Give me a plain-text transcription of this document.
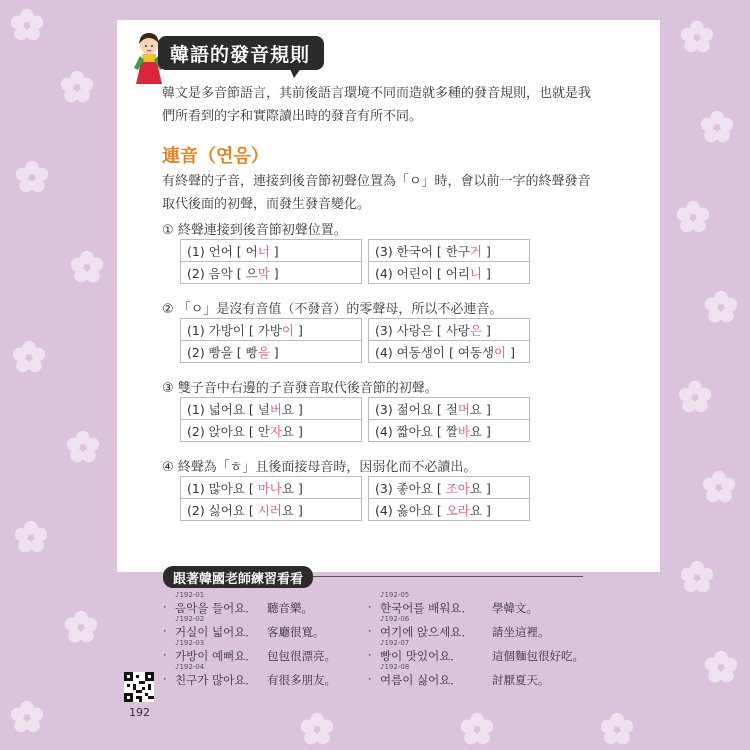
韓語的發音規則
韓文是多音節語言，其前後語言環境不同而造就多種的發音規則，也就是我們所看到的字和實際讀出時的發音有所不同。
連音（연음）
有終聲的子音，連接到後音節初聲位置為「ㅇ」時，會以前一字的終聲發音取代後面的初聲，而發生發音變化。
① 終聲連接到後音節初聲位置。
(1) 언어 [ 어너 ]		(3) 한국어 [ 한구거 ]
(2) 음악 [ 으막 ]		(4) 어린이 [ 어리니 ]
② 「ㅇ」是沒有音值（不發音）的零聲母，所以不必連音。
(1) 가방이 [ 가방이 ]		(3) 사랑은 [ 사랑은 ]
(2) 빵을 [ 빵을 ]		(4) 여동생이 [ 여동생이 ]
③ 雙子音中右邊的子音發音取代後音節的初聲。
(1) 넓어요 [ 널버요 ]		(3) 젊어요 [ 절머요 ]
(2) 앉아요 [ 안자요 ]		(4) 짧아요 [ 짤바요 ]
④ 終聲為「ㅎ」且後面接母音時，因弱化而不必讀出。
(1) 많아요 [ 마나요 ]		(3) 좋아요 [ 조아요 ]
(2) 싫어요 [ 시러요 ]		(4) 옳아요 [ 오라요 ]
跟著韓國老師練習看看
♪192-01
· 음악을 들어요． 聽音樂。
♪192-05
· 한국어를 배워요．	學韓文。
♪192-02
· 거실이 넓어요． 客廳很寬。
♪192-06
· 여기에 앉으세요．	請坐這裡。
♪192-03
· 가방이 예뻐요． 包包很漂亮。
♪192-07
· 빵이 맛있어요．	這個麵包很好吃。
♪192-04
· 친구가 많아요． 有很多朋友。
♪192-08
· 여름이 싫어요．	討厭夏天。
192
